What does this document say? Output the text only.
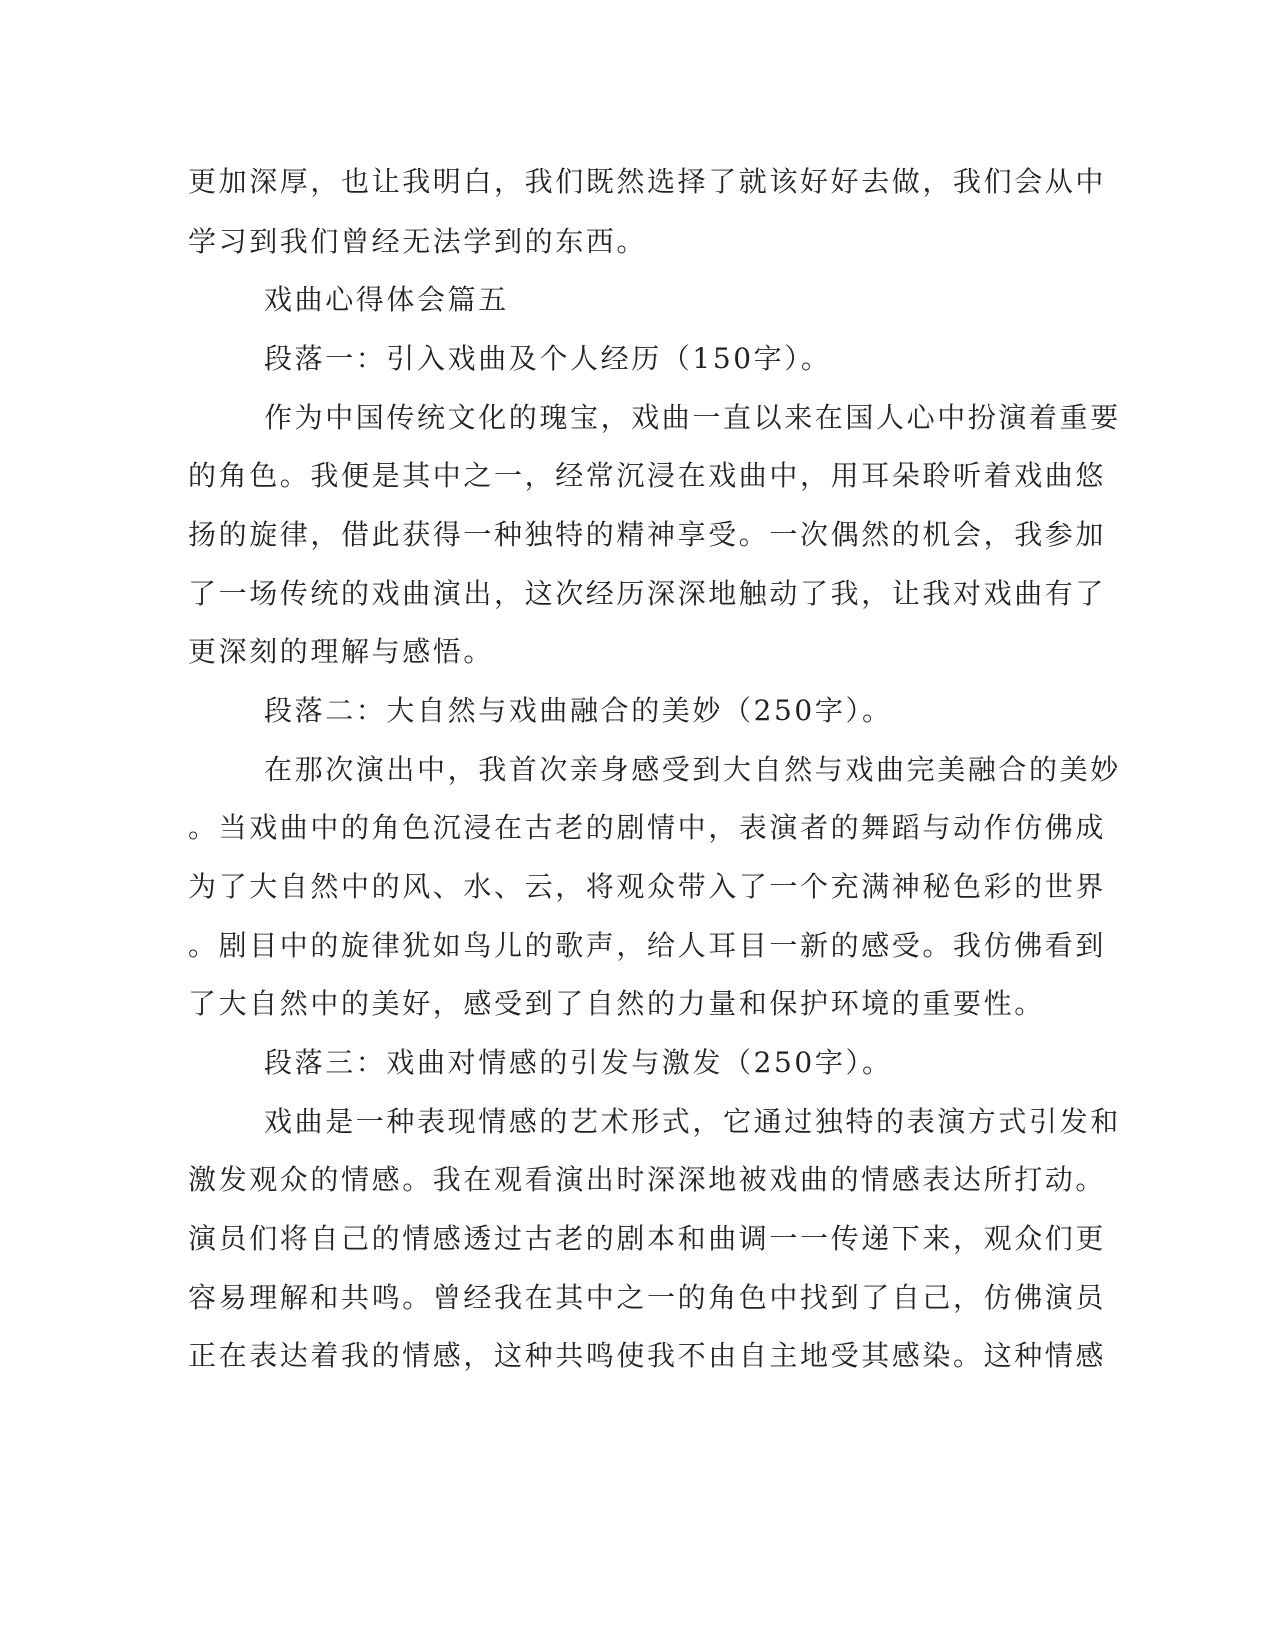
更加深厚，也让我明白，我们既然选择了就该好好去做，我们会从中
学习到我们曾经无法学到的东西。
戏曲心得体会篇五
段落一：引入戏曲及个人经历（150字）。
作为中国传统文化的瑰宝，戏曲一直以来在国人心中扮演着重要
的角色。我便是其中之一，经常沉浸在戏曲中，用耳朵聆听着戏曲悠
扬的旋律，借此获得一种独特的精神享受。一次偶然的机会，我参加
了一场传统的戏曲演出，这次经历深深地触动了我，让我对戏曲有了
更深刻的理解与感悟。
段落二：大自然与戏曲融合的美妙（250字）。
在那次演出中，我首次亲身感受到大自然与戏曲完美融合的美妙
。当戏曲中的角色沉浸在古老的剧情中，表演者的舞蹈与动作仿佛成
为了大自然中的风、水、云，将观众带入了一个充满神秘色彩的世界
。剧目中的旋律犹如鸟儿的歌声，给人耳目一新的感受。我仿佛看到
了大自然中的美好，感受到了自然的力量和保护环境的重要性。
段落三：戏曲对情感的引发与激发（250字）。
戏曲是一种表现情感的艺术形式，它通过独特的表演方式引发和
激发观众的情感。我在观看演出时深深地被戏曲的情感表达所打动。
演员们将自己的情感透过古老的剧本和曲调一一传递下来，观众们更
容易理解和共鸣。曾经我在其中之一的角色中找到了自己，仿佛演员
正在表达着我的情感，这种共鸣使我不由自主地受其感染。这种情感
